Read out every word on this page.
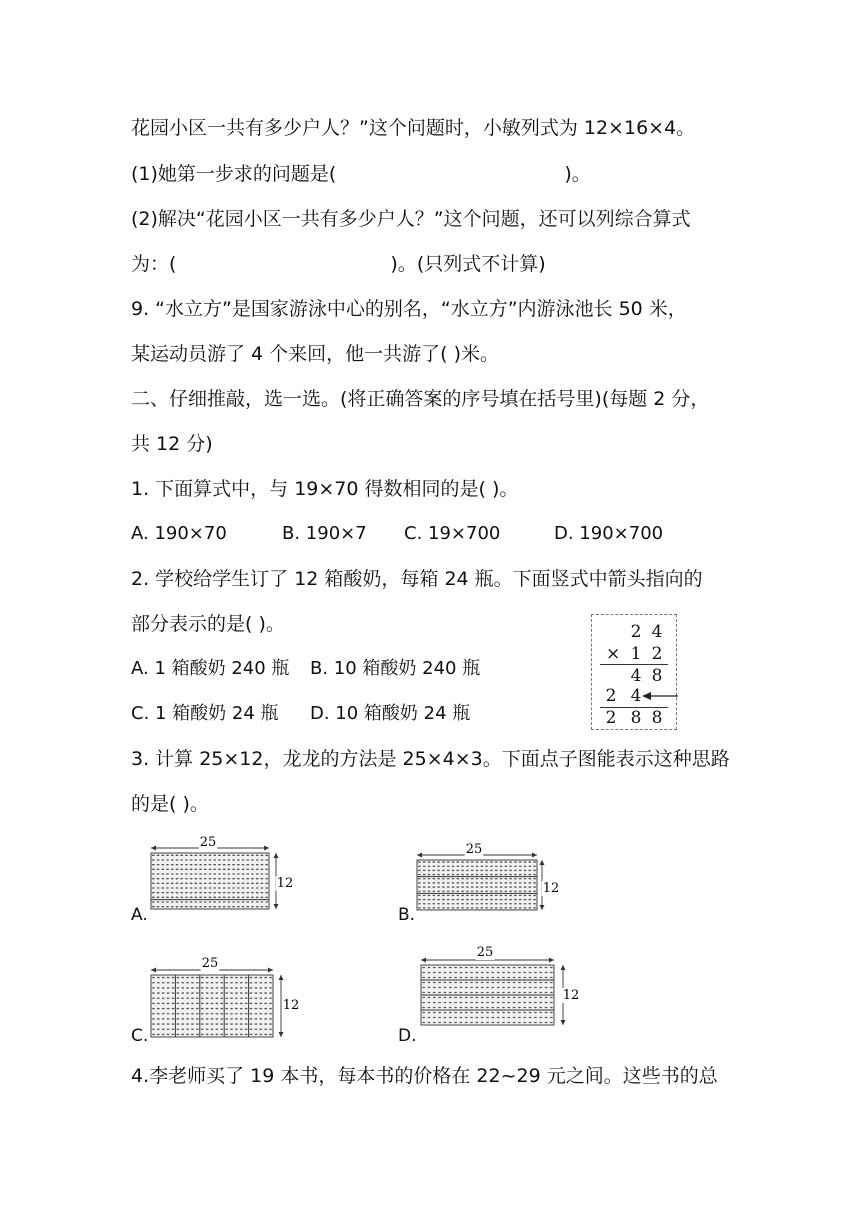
花园小区一共有多少户人？”这个问题时，小敏列式为 12×16×4。
(1)她第一步求的问题是(	)。
(2)解决“花园小区一共有多少户人？”这个问题，还可以列综合算式
为：(	)。(只列式不计算)
9. “水立方”是国家游泳中心的别名，“水立方”内游泳池长 50 米，
某运动员游了 4 个来回，他一共游了( )米。
二、仔细推敲，选一选。(将正确答案的序号填在括号里)(每题 2 分，
共 12 分)
1. 下面算式中，与 19×70 得数相同的是( )。
A. 190×70	B. 190×7 C. 19×700	D. 190×700
2. 学校给学生订了 12 箱酸奶，每箱 24 瓶。下面竖式中箭头指向的
部分表示的是( )。
A. 1 箱酸奶 240 瓶 B. 10 箱酸奶 240 瓶
C. 1 箱酸奶 24 瓶 D. 10 箱酸奶 24 瓶
2 4
× 1 2
4 8
2 4
2 8 8
3. 计算 25×12，龙龙的方法是 25×4×3。下面点子图能表示这种思路
的是( )。
A.
25
12
B.
25
12
C.
25
12
D.
25
12
4.李老师买了 19 本书，每本书的价格在 22~29 元之间。这些书的总
